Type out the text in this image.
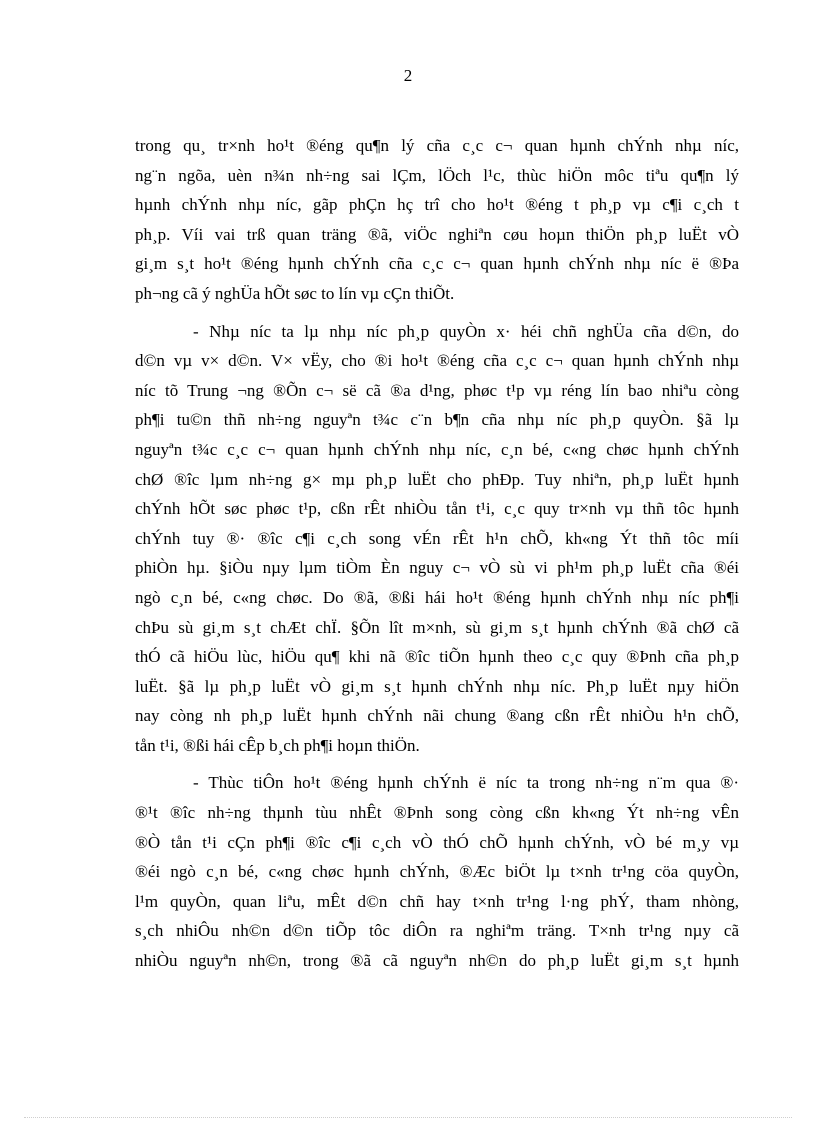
2
trong qu¸ tr×nh ho¹t ®éng qu¶n lý cña c¸c c¬ quan hµnh chÝnh nhµ níc,
ng¨n ngõa, uèn n¾n nh÷ng sai lÇm, lÖch l¹c, thùc hiÖn môc tiªu qu¶n lý
hµnh chÝnh nhµ níc, gãp phÇn hç trî cho ho¹t ®éng t ph¸p vµ c¶i c¸ch t
ph¸p. Víi vai trß quan träng ®ã, viÖc nghiªn cøu hoµn thiÖn ph¸p luËt vÒ
gi¸m s¸t ho¹t ®éng hµnh chÝnh cña c¸c c¬ quan hµnh chÝnh nhµ níc ë ®Þa
ph¬ng cã ý nghÜa hÕt søc to lín vµ cÇn thiÕt.
- Nhµ níc ta lµ nhµ níc ph¸p quyÒn x· héi chñ nghÜa cña d©n, do
d©n vµ v× d©n. V× vËy, cho ®i ho¹t ®éng cña c¸c c¬ quan hµnh chÝnh nhµ
níc tõ Trung ¬ng ®Õn c¬ së cã ®a d¹ng, phøc t¹p vµ réng lín bao nhiªu còng
ph¶i tu©n thñ nh÷ng nguyªn t¾c c¨n b¶n cña nhµ níc ph¸p quyÒn. §ã lµ
nguyªn t¾c c¸c c¬ quan hµnh chÝnh nhµ níc, c¸n bé, c«ng chøc hµnh chÝnh
chØ ®îc lµm nh÷ng g× mµ ph¸p luËt cho phÐp. Tuy nhiªn, ph¸p luËt hµnh
chÝnh hÕt søc phøc t¹p, cßn rÊt nhiÒu tån t¹i, c¸c quy tr×nh vµ thñ tôc hµnh
chÝnh tuy ®· ®îc c¶i c¸ch song vÉn rÊt h¹n chÕ, kh«ng Ýt thñ tôc míi
phiÒn hµ. §iÒu nµy lµm tiÒm Èn nguy c¬ vÒ sù vi ph¹m ph¸p luËt cña ®éi
ngò c¸n bé, c«ng chøc. Do ®ã, ®ßi hái ho¹t ®éng hµnh chÝnh nhµ níc ph¶i
chÞu sù gi¸m s¸t chÆt chÏ. §Õn lît m×nh, sù gi¸m s¸t hµnh chÝnh ®ã chØ cã
thÓ cã hiÖu lùc, hiÖu qu¶ khi nã ®îc tiÕn hµnh theo c¸c quy ®Þnh cña ph¸p
luËt. §ã lµ ph¸p luËt vÒ gi¸m s¸t hµnh chÝnh nhµ níc. Ph¸p luËt nµy hiÖn
nay còng nh ph¸p luËt hµnh chÝnh nãi chung ®ang cßn rÊt nhiÒu h¹n chÕ,
tån t¹i, ®ßi hái cÊp b¸ch ph¶i hoµn thiÖn.
- Thùc tiÔn ho¹t ®éng hµnh chÝnh ë níc ta trong nh÷ng n¨m qua ®·
®¹t ®îc nh÷ng thµnh tùu nhÊt ®Þnh song còng cßn kh«ng Ýt nh÷ng vÊn
®Ò tån t¹i cÇn ph¶i ®îc c¶i c¸ch vÒ thÓ chÕ hµnh chÝnh, vÒ bé m¸y vµ
®éi ngò c¸n bé, c«ng chøc hµnh chÝnh, ®Æc biÖt lµ t×nh tr¹ng cöa quyÒn,
l¹m quyÒn, quan liªu, mÊt d©n chñ hay t×nh tr¹ng l·ng phÝ, tham nhòng,
s¸ch nhiÔu nh©n d©n tiÕp tôc diÔn ra nghiªm träng. T×nh tr¹ng nµy cã
nhiÒu nguyªn nh©n, trong ®ã cã nguyªn nh©n do ph¸p luËt gi¸m s¸t hµnh
